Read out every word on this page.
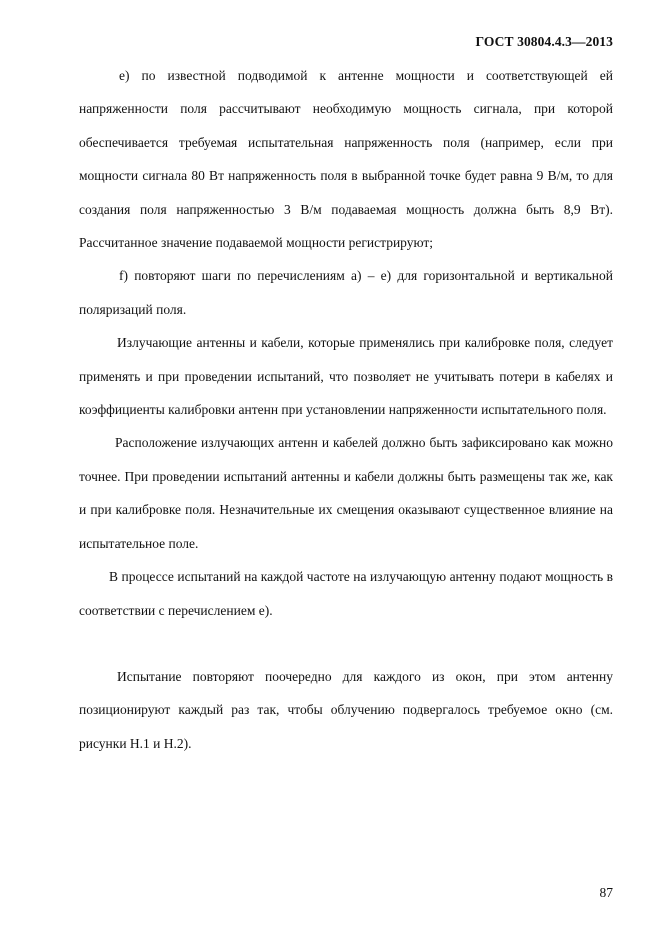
ГОСТ 30804.4.3—2013

е) по известной подводимой к антенне мощности и соответствующей ей напряженности поля рассчитывают необходимую мощность сигнала, при которой обеспечивается требуемая испытательная напряженность поля (например, если при мощности сигнала 80 Вт напряженность поля в выбранной точке будет равна 9 В/м, то для создания поля напряженностью 3 В/м подаваемая мощность должна быть 8,9 Вт). Рассчитанное значение подаваемой мощности регистрируют;

f) повторяют шаги по перечислениям а) – е) для горизонтальной и вертикальной поляризаций поля.

Излучающие антенны и кабели, которые применялись при калибровке поля, следует применять и при проведении испытаний, что позволяет не учитывать потери в кабелях и коэффициенты калибровки антенн при установлении напряженности испытательного поля.

Расположение излучающих антенн и кабелей должно быть зафиксировано как можно точнее. При проведении испытаний антенны и кабели должны быть размещены так же, как и при калибровке поля. Незначительные их смещения оказывают существенное влияние на испытательное поле.

В процессе испытаний на каждой частоте на излучающую антенну подают мощность в соответствии с перечислением е).

Испытание повторяют поочередно для каждого из окон, при этом антенну позиционируют каждый раз так, чтобы облучению подвергалось требуемое окно (см. рисунки Н.1 и Н.2).

87
